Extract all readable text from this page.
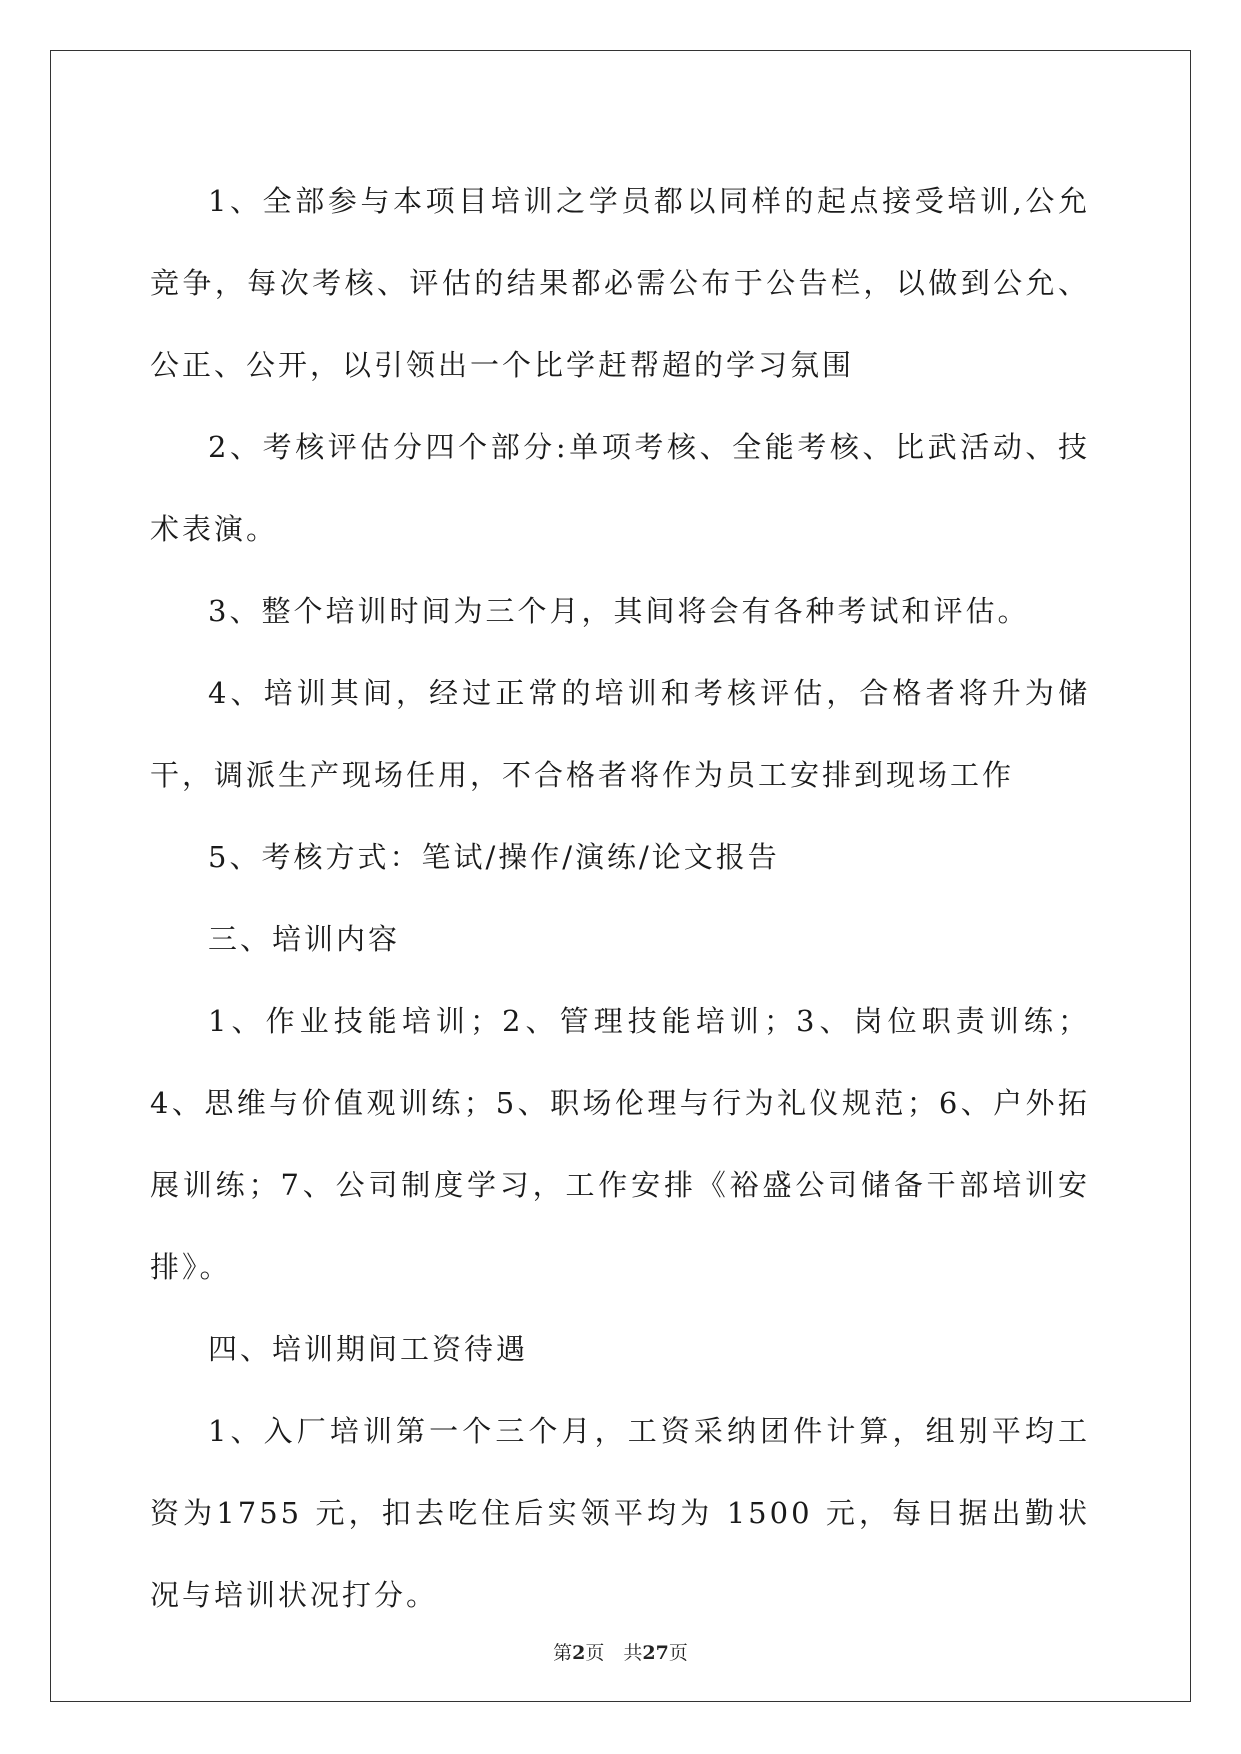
1、全部参与本项目培训之学员都以同样的起点接受培训,公允竞争，每次考核、评估的结果都必需公布于公告栏，以做到公允、公正、公开，以引领出一个比学赶帮超的学习氛围

2、考核评估分四个部分:单项考核、全能考核、比武活动、技术表演。

3、整个培训时间为三个月，其间将会有各种考试和评估。

4、培训其间，经过正常的培训和考核评估，合格者将升为储干，调派生产现场任用，不合格者将作为员工安排到现场工作

5、考核方式：笔试/操作/演练/论文报告

三、培训内容

1、作业技能培训；2、管理技能培训；3、岗位职责训练；4、思维与价值观训练；5、职场伦理与行为礼仪规范；6、户外拓展训练；7、公司制度学习，工作安排《裕盛公司储备干部培训安排》。

四、培训期间工资待遇

1、入厂培训第一个三个月，工资采纳团件计算，组别平均工资为1755 元，扣去吃住后实领平均为 1500 元，每日据出勤状况与培训状况打分。

第2页　共27页
